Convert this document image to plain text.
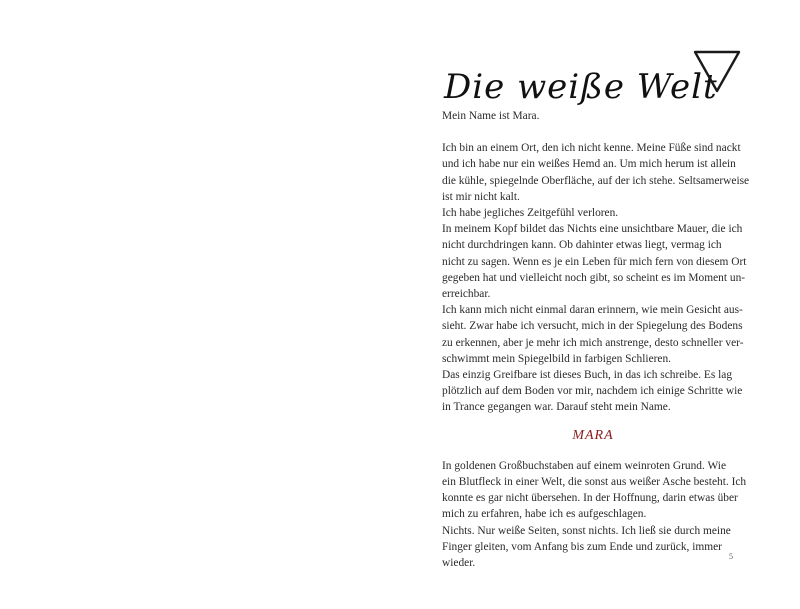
Die weiße Welt

Mein Name ist Mara.

Ich bin an einem Ort, den ich nicht kenne. Meine Füße sind nackt
und ich habe nur ein weißes Hemd an. Um mich herum ist allein
die kühle, spiegelnde Oberfläche, auf der ich stehe. Seltsamerweise
ist mir nicht kalt.
Ich habe jegliches Zeitgefühl verloren.
In meinem Kopf bildet das Nichts eine unsichtbare Mauer, die ich
nicht durchdringen kann. Ob dahinter etwas liegt, vermag ich
nicht zu sagen. Wenn es je ein Leben für mich fern von diesem Ort
gegeben hat und vielleicht noch gibt, so scheint es im Moment un-
erreichbar.
Ich kann mich nicht einmal daran erinnern, wie mein Gesicht aus-
sieht. Zwar habe ich versucht, mich in der Spiegelung des Bodens
zu erkennen, aber je mehr ich mich anstrenge, desto schneller ver-
schwimmt mein Spiegelbild in farbigen Schlieren.
Das einzig Greifbare ist dieses Buch, in das ich schreibe. Es lag
plötzlich auf dem Boden vor mir, nachdem ich einige Schritte wie
in Trance gegangen war. Darauf steht mein Name.
MARA
In goldenen Großbuchstaben auf einem weinroten Grund. Wie
ein Blutfleck in einer Welt, die sonst aus weißer Asche besteht. Ich
konnte es gar nicht übersehen. In der Hoffnung, darin etwas über
mich zu erfahren, habe ich es aufgeschlagen.
Nichts. Nur weiße Seiten, sonst nichts. Ich ließ sie durch meine
Finger gleiten, vom Anfang bis zum Ende und zurück, immer
wieder.
5
